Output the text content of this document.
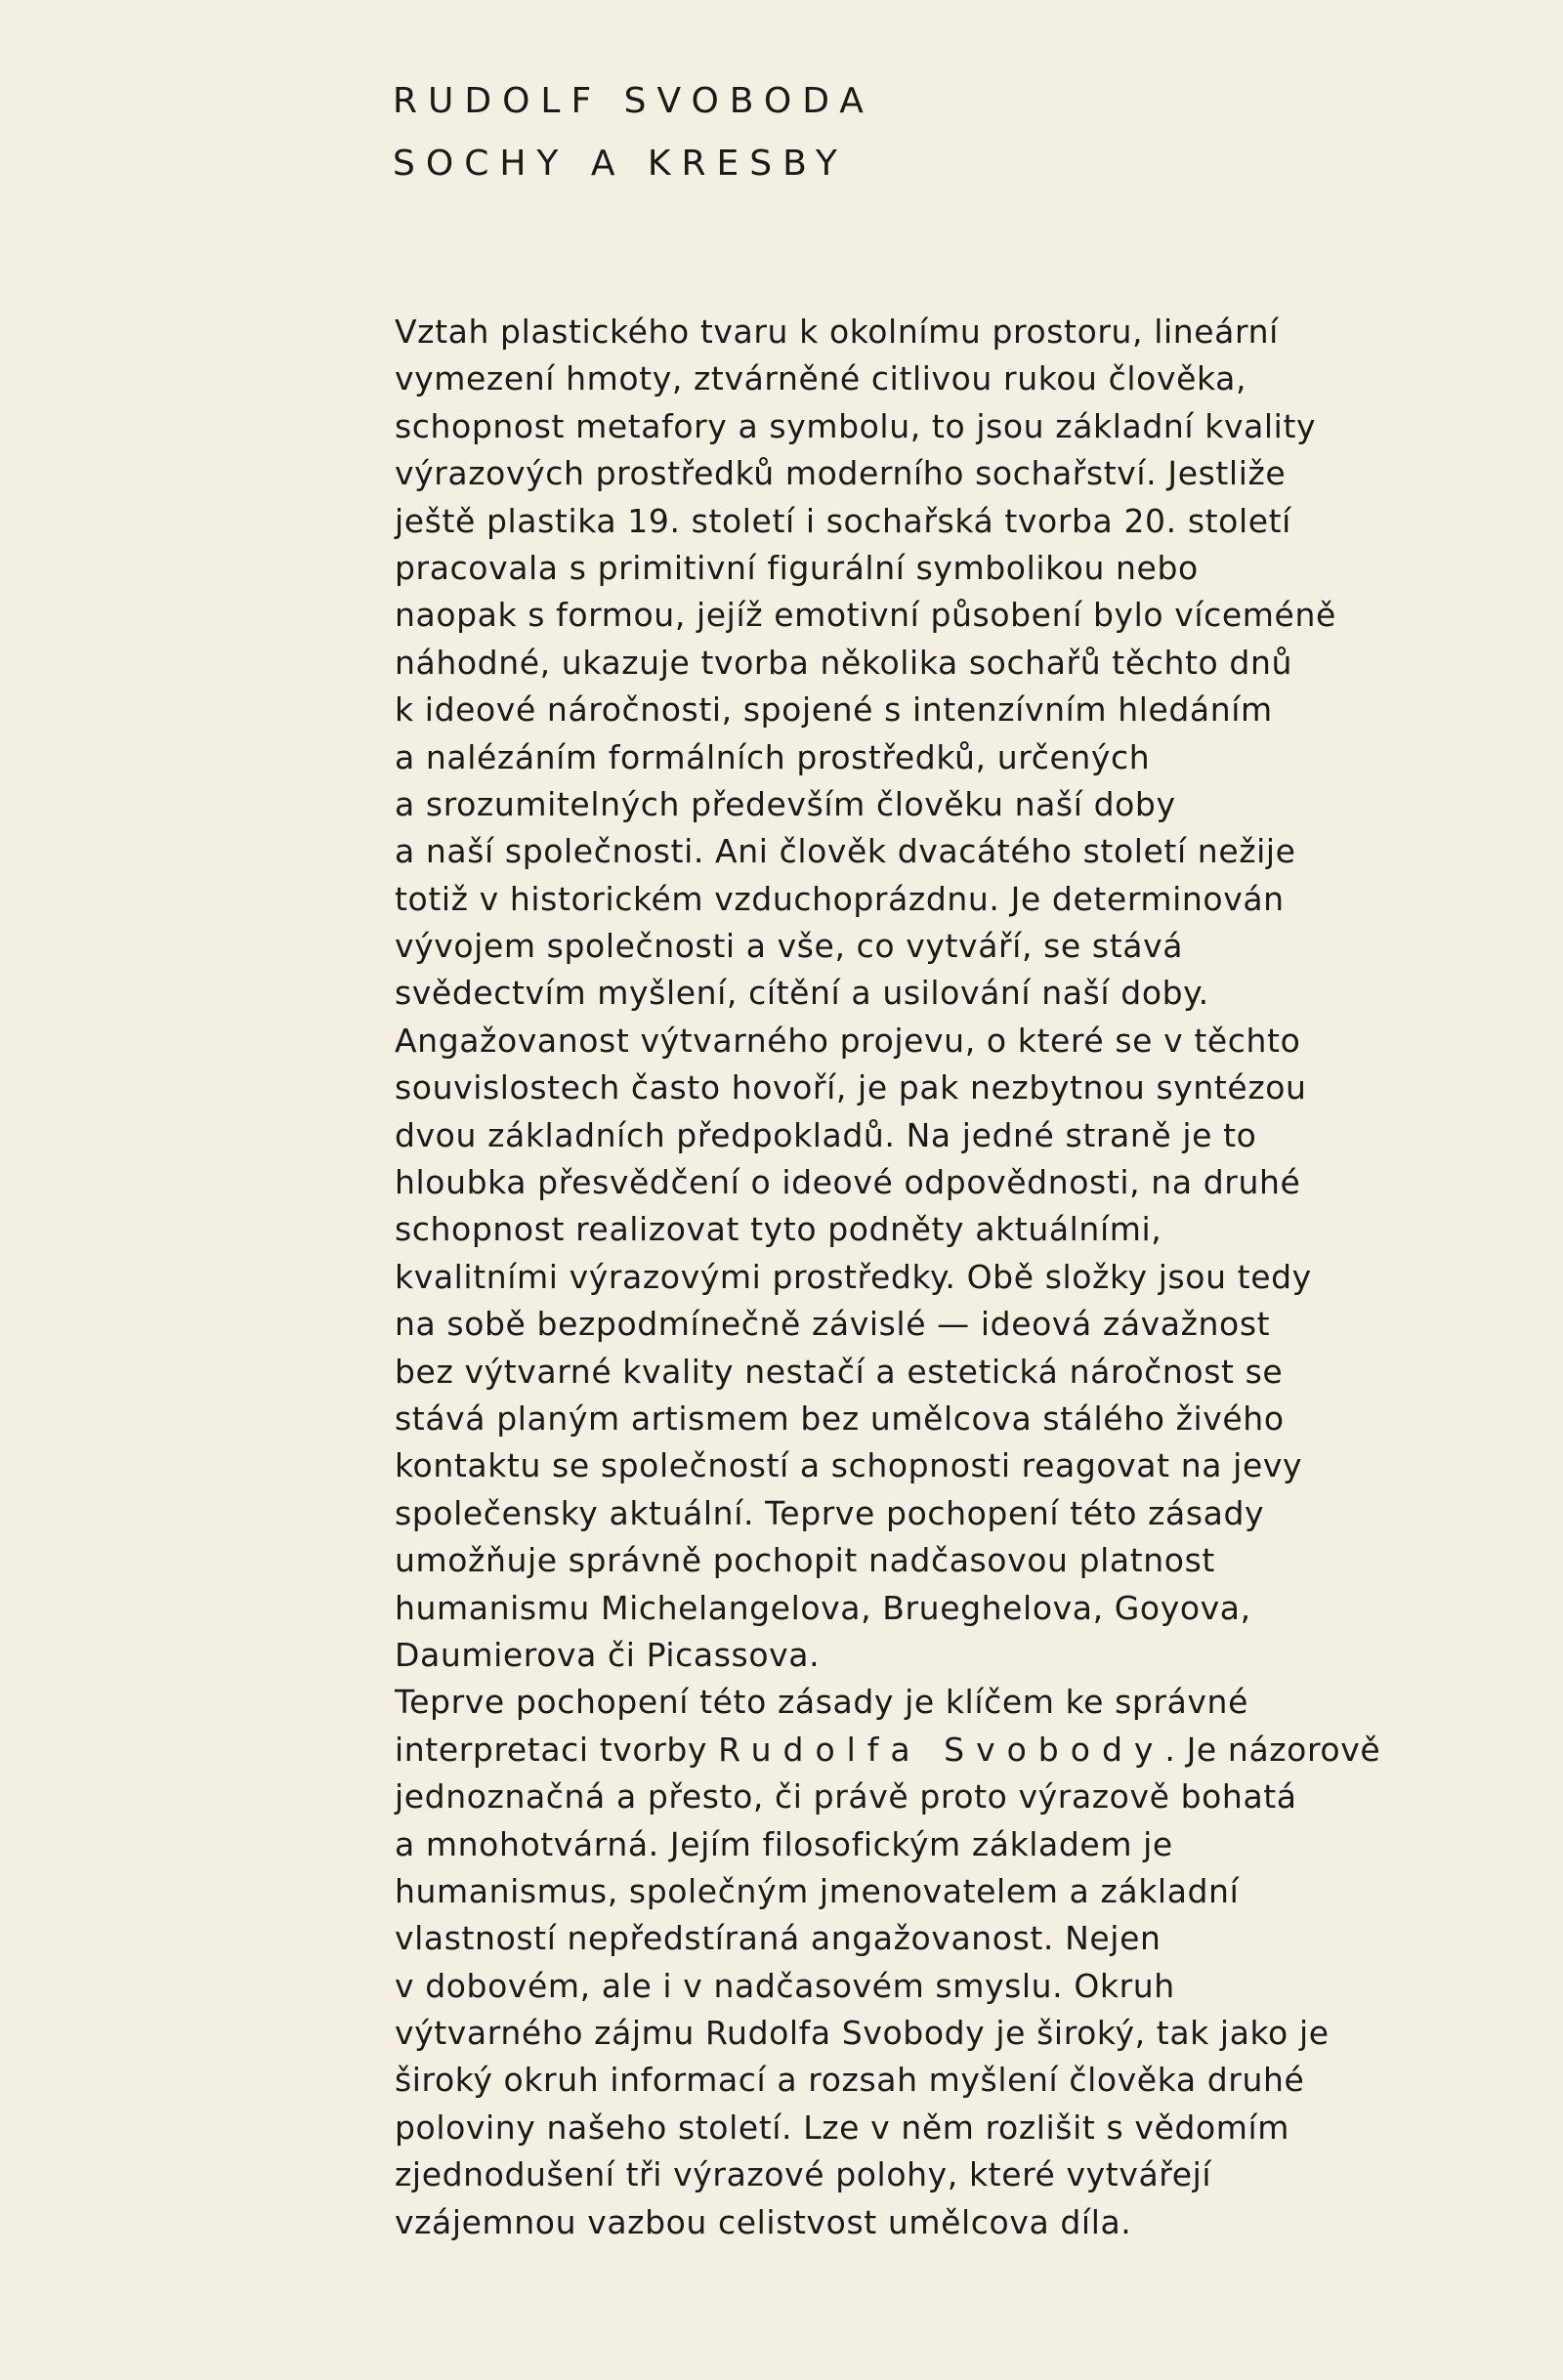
RUDOLF SVOBODA
SOCHY A KRESBY
Vztah plastického tvaru k okolnímu prostoru, lineární
vymezení hmoty, ztvárněné citlivou rukou člověka,
schopnost metafory a symbolu, to jsou základní kvality
výrazových prostředků moderního sochařství. Jestliže
ještě plastika 19. století i sochařská tvorba 20. století
pracovala s primitivní figurální symbolikou nebo
naopak s formou, jejíž emotivní působení bylo víceméně
náhodné, ukazuje tvorba několika sochařů těchto dnů
k ideové náročnosti, spojené s intenzívním hledáním
a nalézáním formálních prostředků, určených
a srozumitelných především člověku naší doby
a naší společnosti. Ani člověk dvacátého století nežije
totiž v historickém vzduchoprázdnu. Je determinován
vývojem společnosti a vše, co vytváří, se stává
svědectvím myšlení, cítění a usilování naší doby.
Angažovanost výtvarného projevu, o které se v těchto
souvislostech často hovoří, je pak nezbytnou syntézou
dvou základních předpokladů. Na jedné straně je to
hloubka přesvědčení o ideové odpovědnosti, na druhé
schopnost realizovat tyto podněty aktuálními,
kvalitními výrazovými prostředky. Obě složky jsou tedy
na sobě bezpodmínečně závislé — ideová závažnost
bez výtvarné kvality nestačí a estetická náročnost se
stává planým artismem bez umělcova stálého živého
kontaktu se společností a schopnosti reagovat na jevy
společensky aktuální. Teprve pochopení této zásady
umožňuje správně pochopit nadčasovou platnost
humanismu Michelangelova, Brueghelova, Goyova,
Daumierova či Picassova.
Teprve pochopení této zásady je klíčem ke správné
interpretaci tvorby Rudolfa Svobody. Je názorově
jednoznačná a přesto, či právě proto výrazově bohatá
a mnohotvárná. Jejím filosofickým základem je
humanismus, společným jmenovatelem a základní
vlastností nepředstíraná angažovanost. Nejen
v dobovém, ale i v nadčasovém smyslu. Okruh
výtvarného zájmu Rudolfa Svobody je široký, tak jako je
široký okruh informací a rozsah myšlení člověka druhé
poloviny našeho století. Lze v něm rozlišit s vědomím
zjednodušení tři výrazové polohy, které vytvářejí
vzájemnou vazbou celistvost umělcova díla.
